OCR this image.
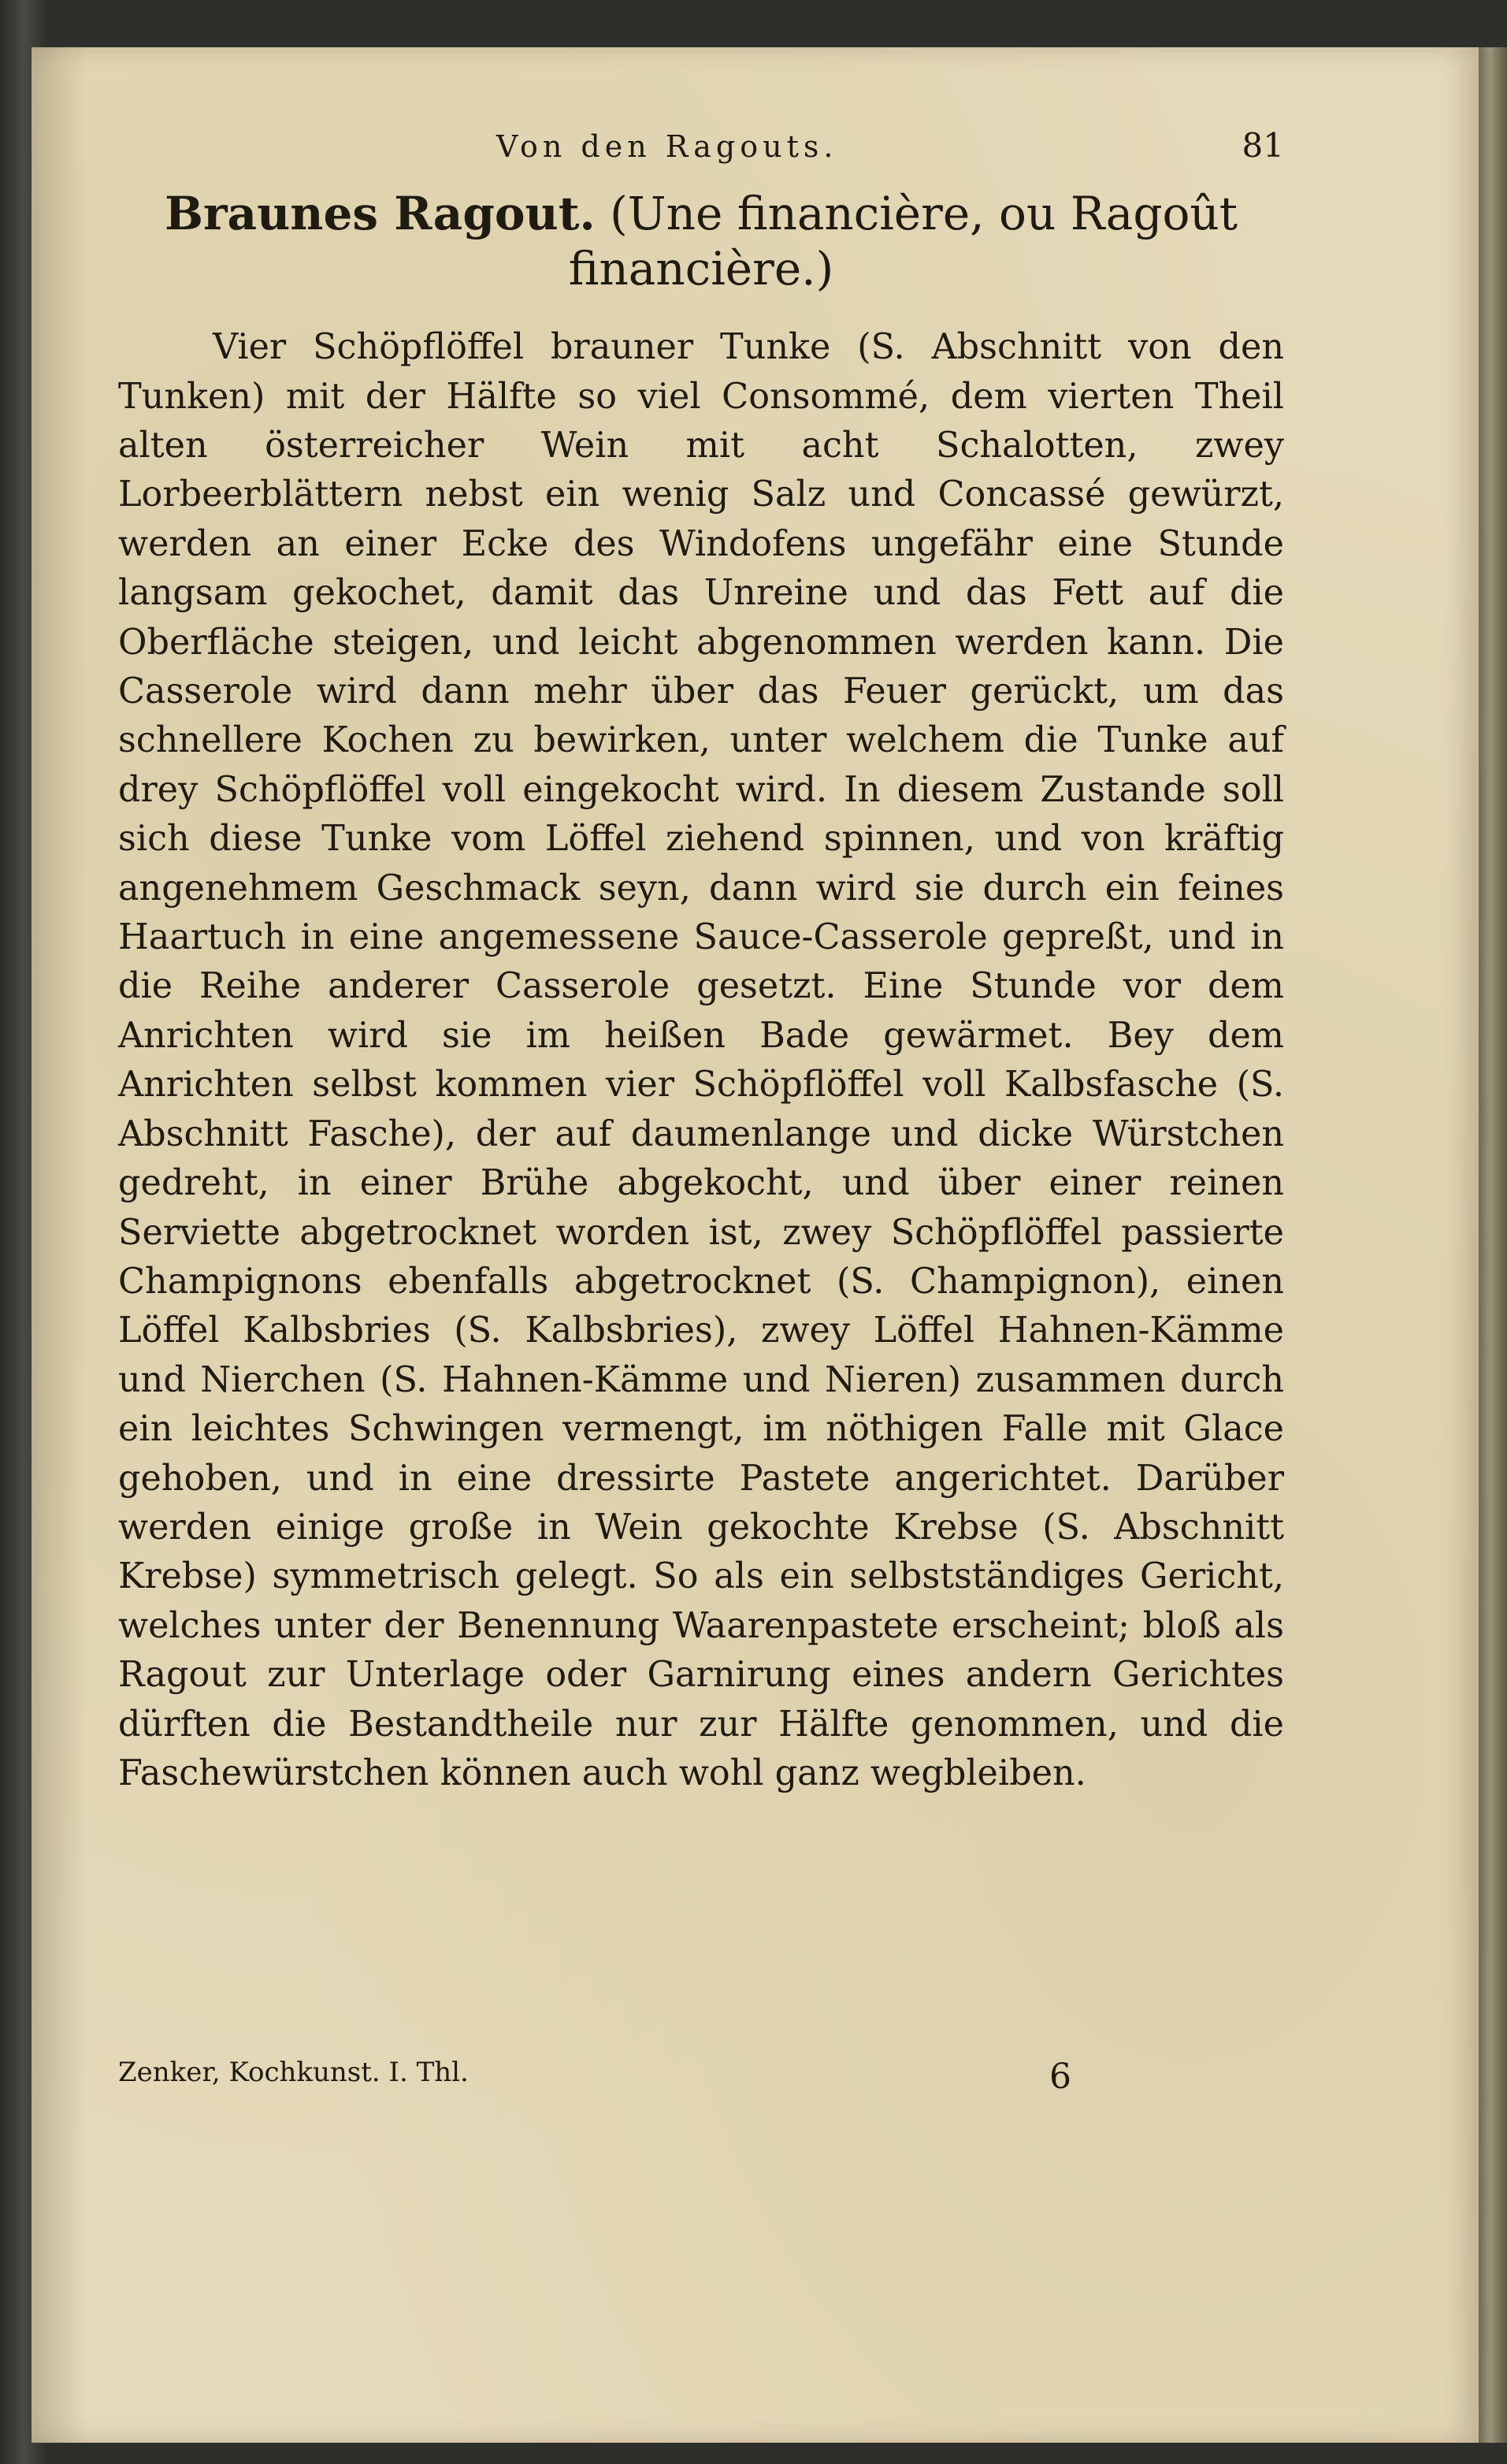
Von den Ragouts.	81
Braunes Ragout. (Une financière, ou Ragoût financière.)

Vier Schöpflöffel brauner Tunke (S. Abschnitt von den Tunken) mit der Hälfte so viel Consommé, dem vierten Theil alten österreicher Wein mit acht Schalotten, zwey Lorbeerblättern nebst ein wenig Salz und Concassé gewürzt, werden an einer Ecke des Windofens ungefähr eine Stunde langsam gekochet, damit das Unreine und das Fett auf die Oberfläche steigen, und leicht abgenommen werden kann. Die Casserole wird dann mehr über das Feuer gerückt, um das schnellere Kochen zu bewirken, unter welchem die Tunke auf drey Schöpflöffel voll eingekocht wird. In diesem Zustande soll sich diese Tunke vom Löffel ziehend spinnen, und von kräftig angenehmem Geschmack seyn, dann wird sie durch ein feines Haartuch in eine angemessene Sauce-Casserole gepreßt, und in die Reihe anderer Casserole gesetzt. Eine Stunde vor dem Anrichten wird sie im heißen Bade gewärmet. Bey dem Anrichten selbst kommen vier Schöpflöffel voll Kalbsfasche (S. Abschnitt Fasche), der auf daumenlange und dicke Würstchen gedreht, in einer Brühe abgekocht, und über einer reinen Serviette abgetrocknet worden ist, zwey Schöpflöffel passierte Champignons ebenfalls abgetrocknet (S. Champignon), einen Löffel Kalbsbries (S. Kalbsbries), zwey Löffel Hahnen-Kämme und Nierchen (S. Hahnen-Kämme und Nieren) zusammen durch ein leichtes Schwingen vermengt, im nöthigen Falle mit Glace gehoben, und in eine dressirte Pastete angerichtet. Darüber werden einige große in Wein gekochte Krebse (S. Abschnitt Krebse) symmetrisch gelegt. So als ein selbstständiges Gericht, welches unter der Benennung Waarenpastete erscheint; bloß als Ragout zur Unterlage oder Garnirung eines andern Gerichtes dürften die Bestandtheile nur zur Hälfte genommen, und die Faschewürstchen können auch wohl ganz wegbleiben.

Zenker, Kochkunst. I. Thl.	6
